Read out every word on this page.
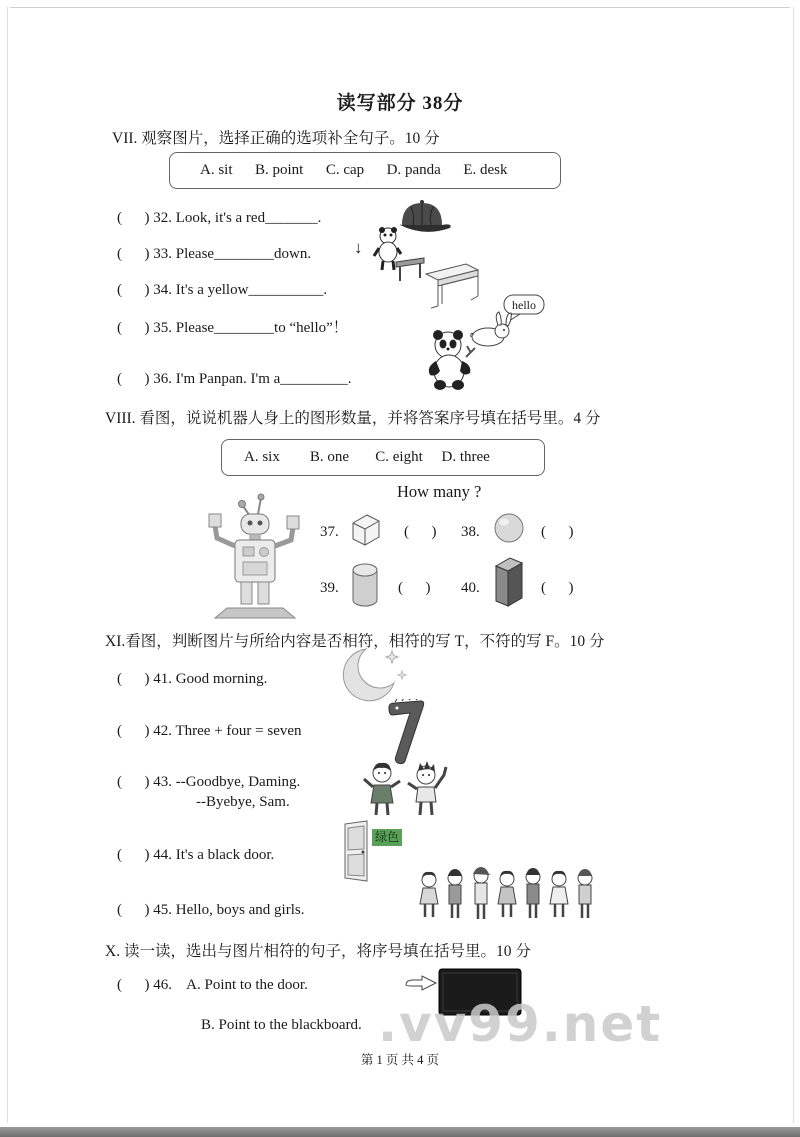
读写部分 38分
VII. 观察图片，选择正确的选项补全句子。10 分
A. sit      B. point      C. cap      D. panda      E. desk
(      ) 32. Look, it's a red_______.
(      ) 33. Please________down.
(      ) 34. It's a yellow__________.
(      ) 35. Please________to “hello”！
(      ) 36. I'm Panpan. I'm a_________.
↓
hello
VIII. 看图，说说机器人身上的图形数量，并将答案序号填在括号里。4 分
A. six        B. one       C. eight     D. three
How many ?
37.	(      ) 38.	(      )
39.	(      ) 40.	(      )
XI.看图，判断图片与所给内容是否相符，相符的写 T，不符的写 F。10 分
(      ) 41. Good morning.
(      ) 42. Three + four = seven
(      ) 43. --Goodbye, Daming.
--Byebye, Sam.
(      ) 44. It's a black door.
绿色
(      ) 45. Hello, boys and girls.
X. 读一读，选出与图片相符的句子，将序号填在括号里。10 分
(      ) 46.    A. Point to the door.
B. Point to the blackboard. .vv99.net
第 1 页 共 4 页
